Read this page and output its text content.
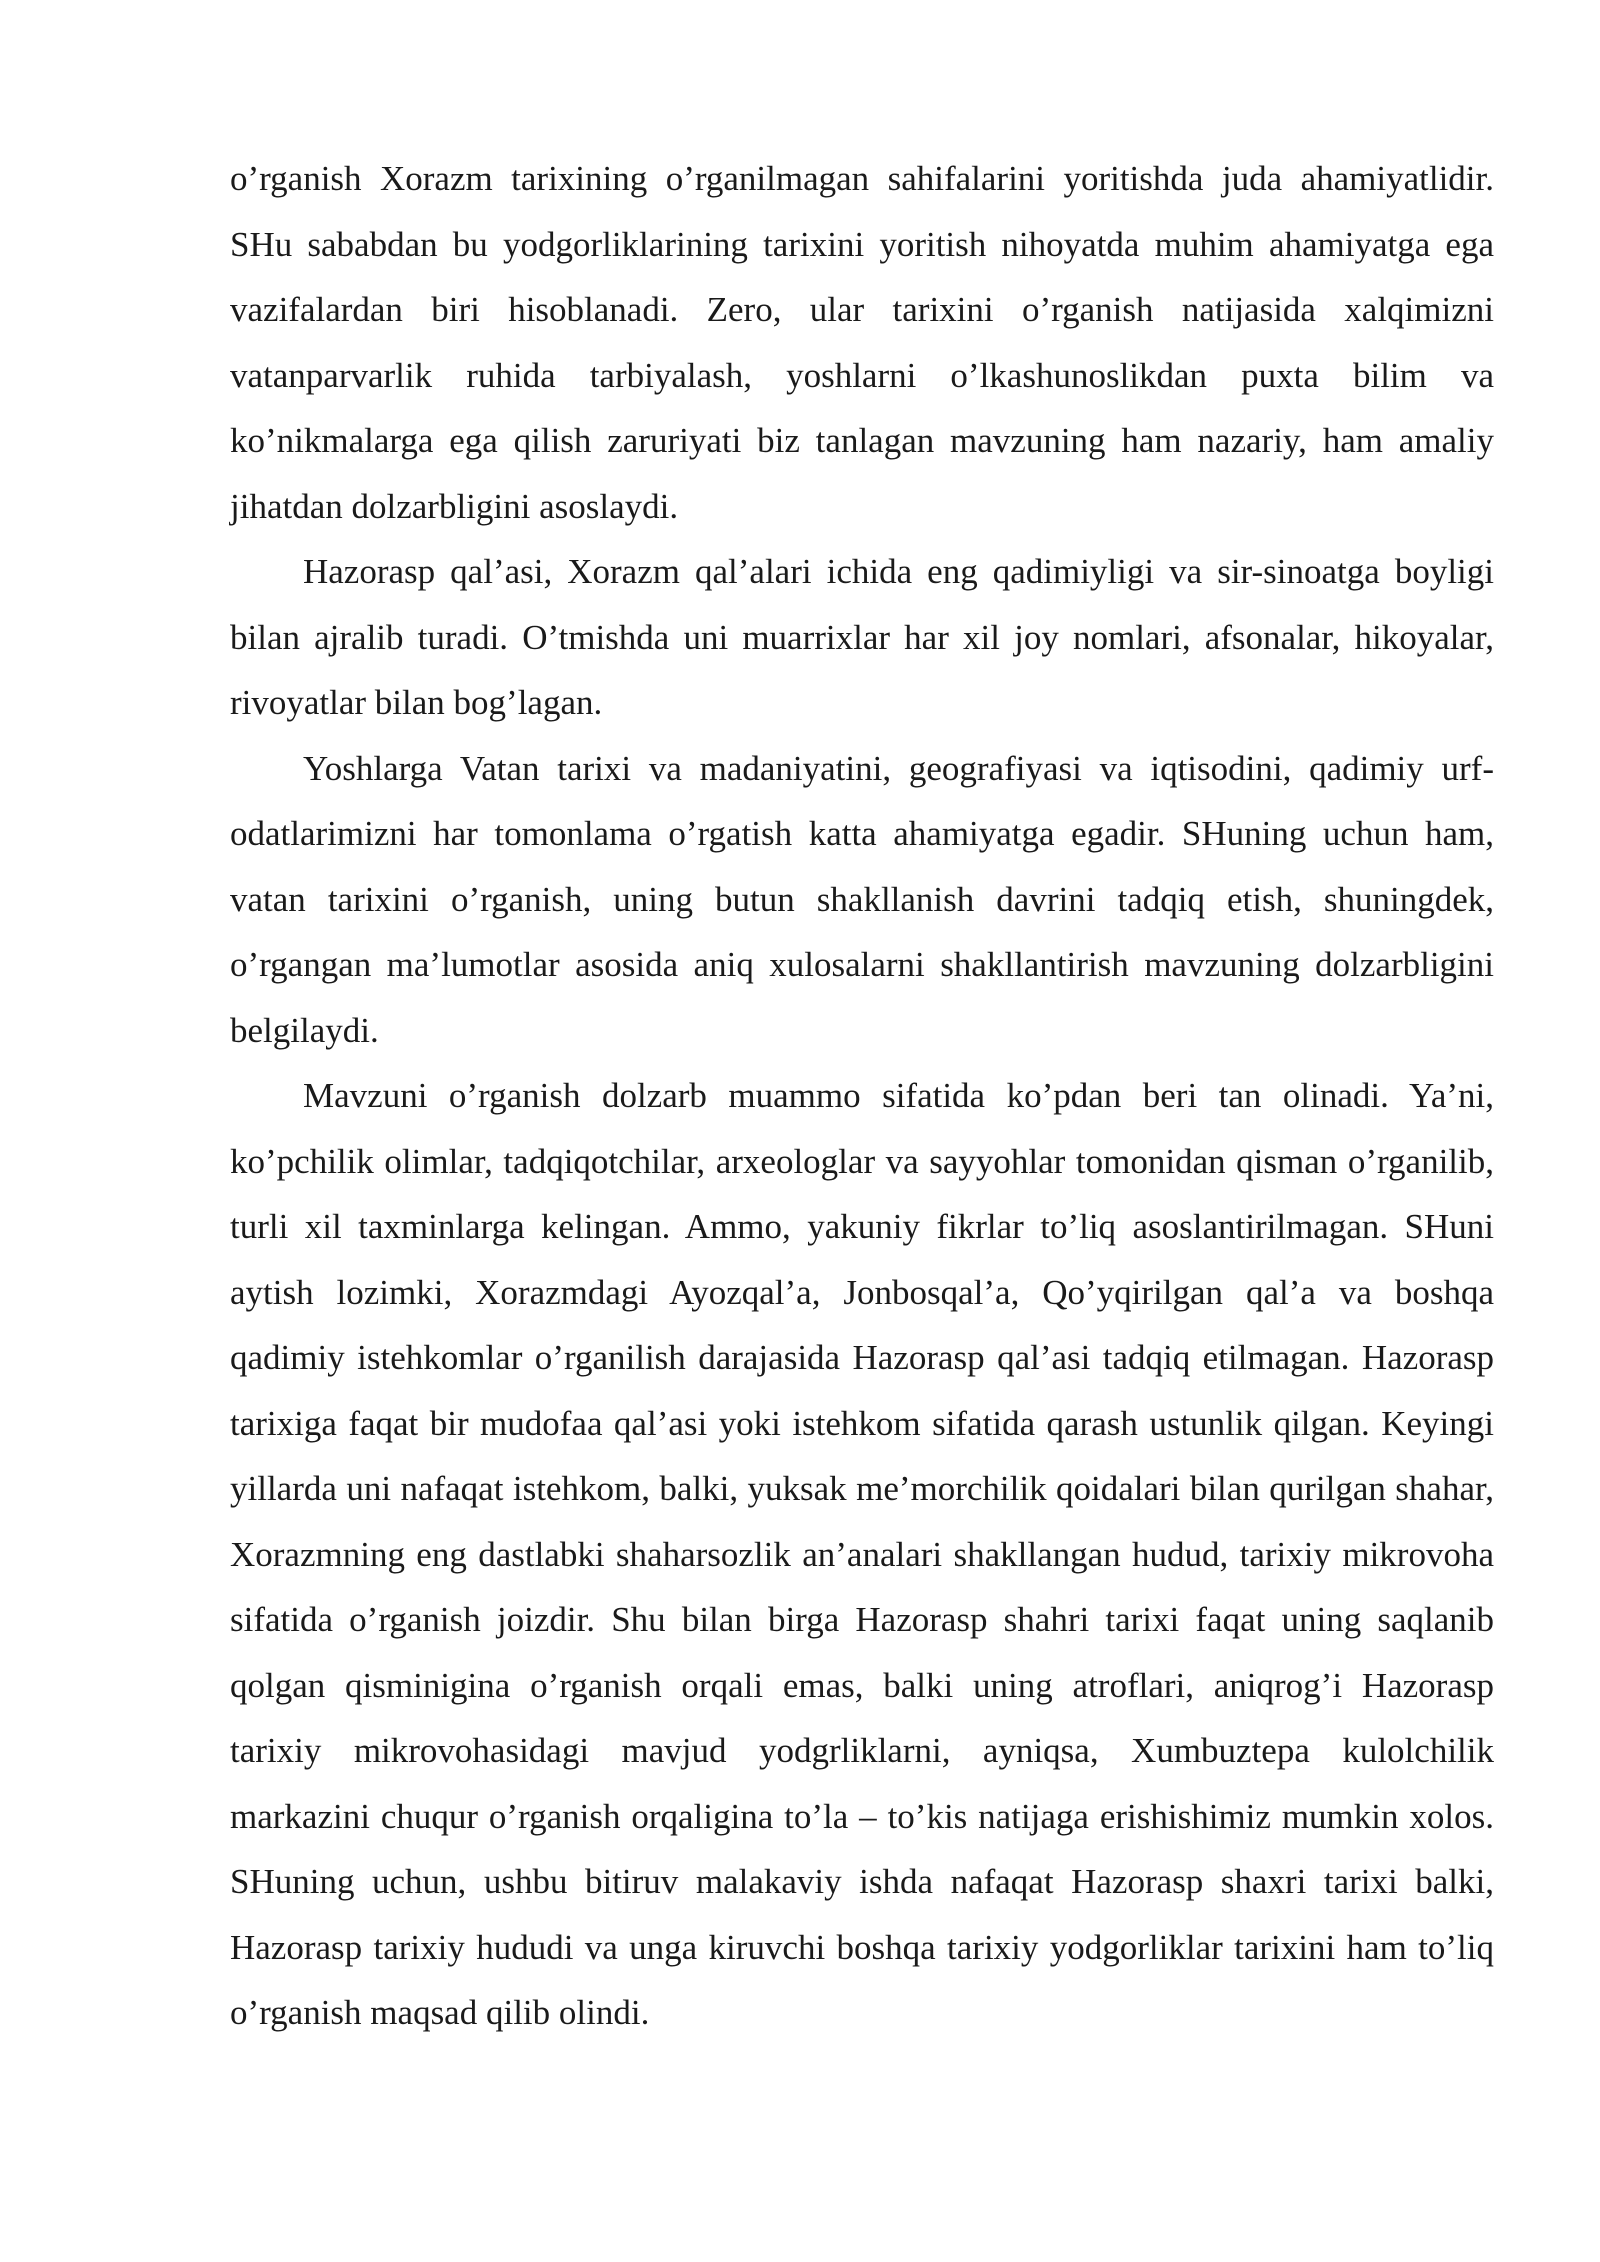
o’rganish Xorazm tarixining o’rganilmagan sahifalarini yoritishda juda ahamiyatlidir. SHu sababdan bu yodgorliklarining tarixini yoritish nihoyatda muhim ahamiyatga ega vazifalardan biri hisoblanadi. Zero, ular tarixini o’rganish natijasida xalqimizni vatanparvarlik ruhida tarbiyalash, yoshlarni o’lkashunoslikdan puxta bilim va ko’nikmalarga ega qilish zaruriyati biz tanlagan mavzuning ham nazariy, ham amaliy jihatdan dolzarbligini asoslaydi.

Hazorasp qal’asi, Xorazm qal’alari ichida eng qadimiyligi va sir-sinoatga boyligi bilan ajralib turadi. O’tmishda uni muarrixlar har xil joy nomlari, afsonalar, hikoyalar, rivoyatlar bilan bog’lagan.

Yoshlarga Vatan tarixi va madaniyatini, geografiyasi va iqtisodini, qadimiy urf-odatlarimizni har tomonlama o’rgatish katta ahamiyatga egadir. SHuning uchun ham, vatan tarixini o’rganish, uning butun shakllanish davrini tadqiq etish, shuningdek, o’rgangan ma’lumotlar asosida aniq xulosalarni shakllantirish mavzuning dolzarbligini belgilaydi.

Mavzuni o’rganish dolzarb muammo sifatida ko’pdan beri tan olinadi. Ya’ni, ko’pchilik olimlar, tadqiqotchilar, arxeologlar va sayyohlar tomonidan qisman o’rganilib, turli xil taxminlarga kelingan. Ammo, yakuniy fikrlar to’liq asoslantirilmagan. SHuni aytish lozimki, Xorazmdagi Ayozqal’a, Jonbosqal’a, Qo’yqirilgan qal’a va boshqa qadimiy istehkomlar o’rganilish darajasida Hazorasp qal’asi tadqiq etilmagan. Hazorasp tarixiga faqat bir mudofaa qal’asi yoki istehkom sifatida qarash ustunlik qilgan. Keyingi yillarda uni nafaqat istehkom, balki, yuksak me’morchilik qoidalari bilan qurilgan shahar, Xorazmning eng dastlabki shaharsozlik an’analari shakllangan hudud, tarixiy mikrovoha sifatida o’rganish joizdir. Shu bilan birga Hazorasp shahri tarixi faqat uning saqlanib qolgan qisminigina o’rganish orqali emas, balki uning atroflari, aniqrog’i Hazorasp tarixiy mikrovohasidagi mavjud yodgrliklarni, ayniqsa, Xumbuztepa kulolchilik markazini chuqur o’rganish orqaligina to’la – to’kis natijaga erishishimiz mumkin xolos. SHuning uchun, ushbu bitiruv malakaviy ishda nafaqat Hazorasp shaxri tarixi balki, Hazorasp tarixiy hududi va unga kiruvchi boshqa tarixiy yodgorliklar tarixini ham to’liq o’rganish maqsad qilib olindi.
